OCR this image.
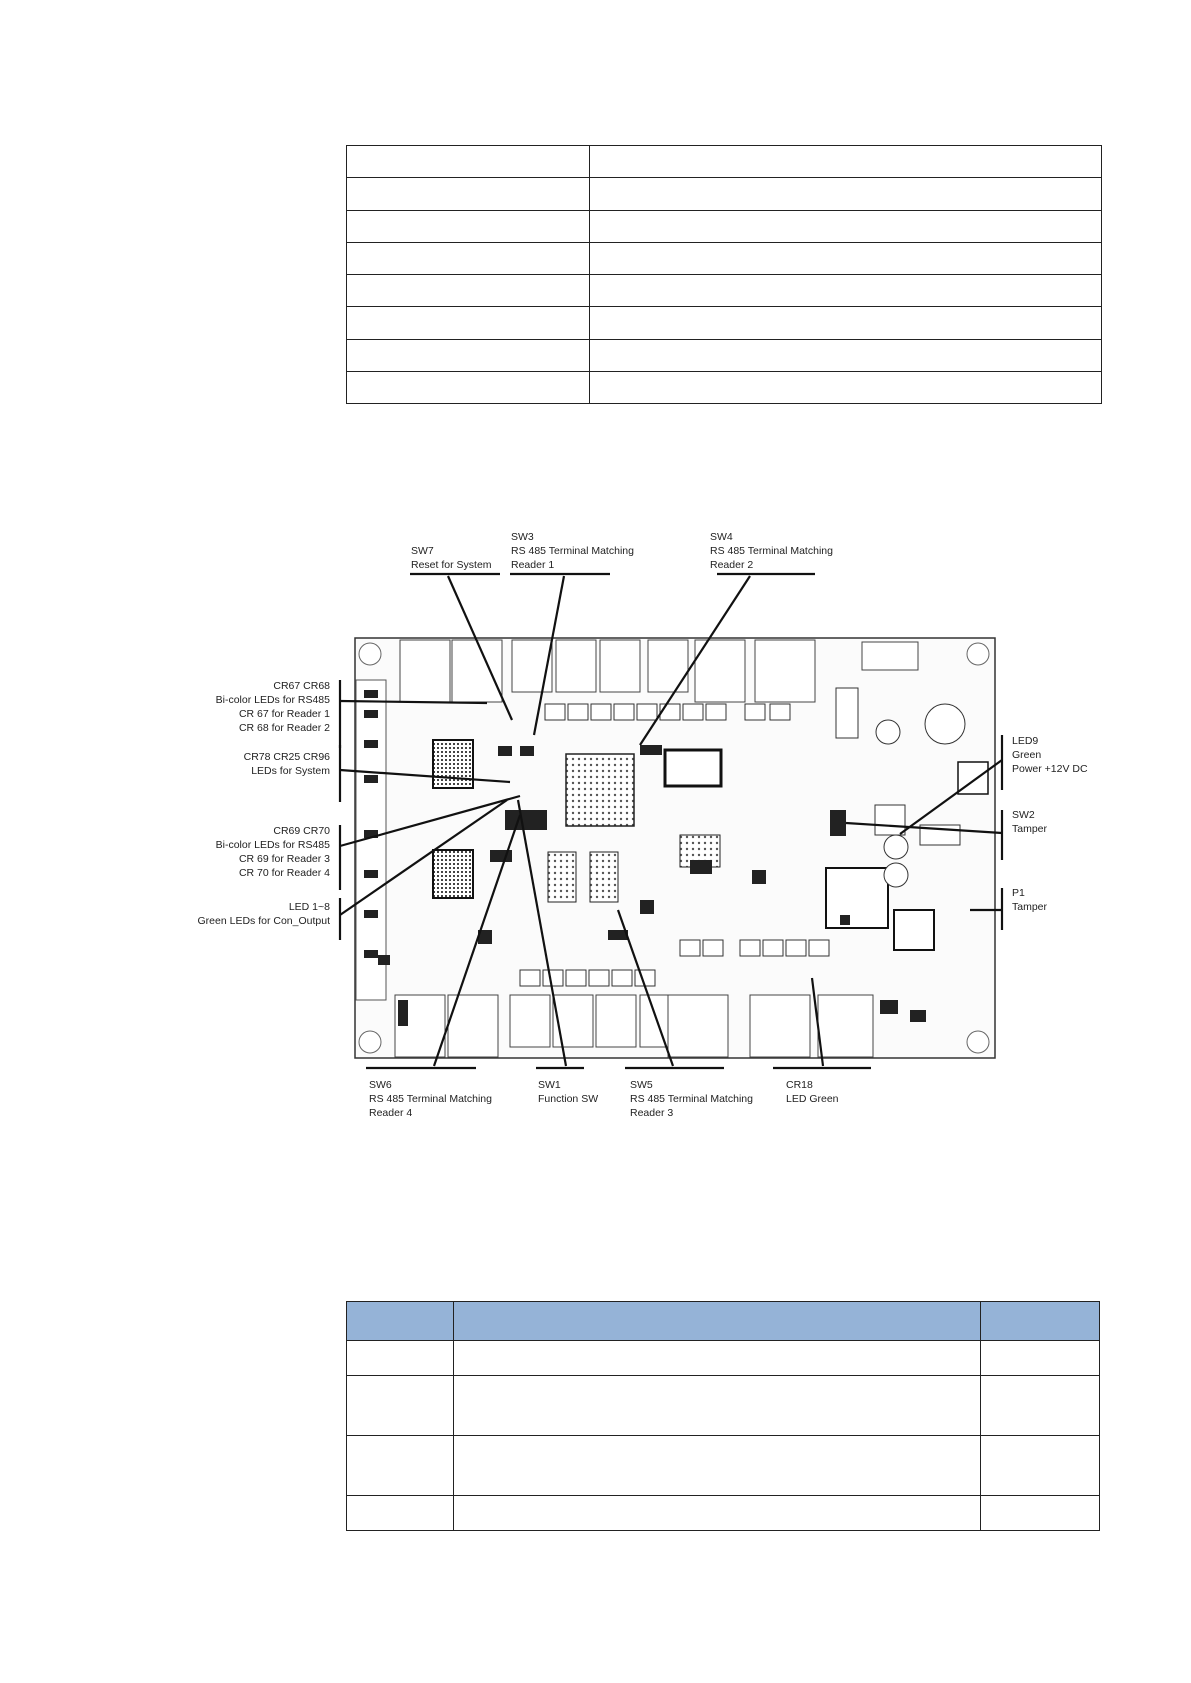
SW7
Reset for System
SW3
RS 485 Terminal Matching
Reader 1
SW4
RS 485 Terminal Matching
Reader 2
CR67 CR68
Bi-color LEDs for RS485
CR 67 for Reader 1
CR 68 for Reader 2
CR78 CR25 CR96
LEDs for System
CR69 CR70
Bi-color LEDs for RS485
CR 69 for Reader 3
CR 70 for Reader 4
LED 1~8
Green LEDs for Con_Output
LED9
Green
Power +12V DC
SW2
Tamper
P1
Tamper
SW6
RS 485 Terminal Matching
Reader 4
SW1
Function SW
SW5
RS 485 Terminal Matching
Reader 3
CR18
LED Green
